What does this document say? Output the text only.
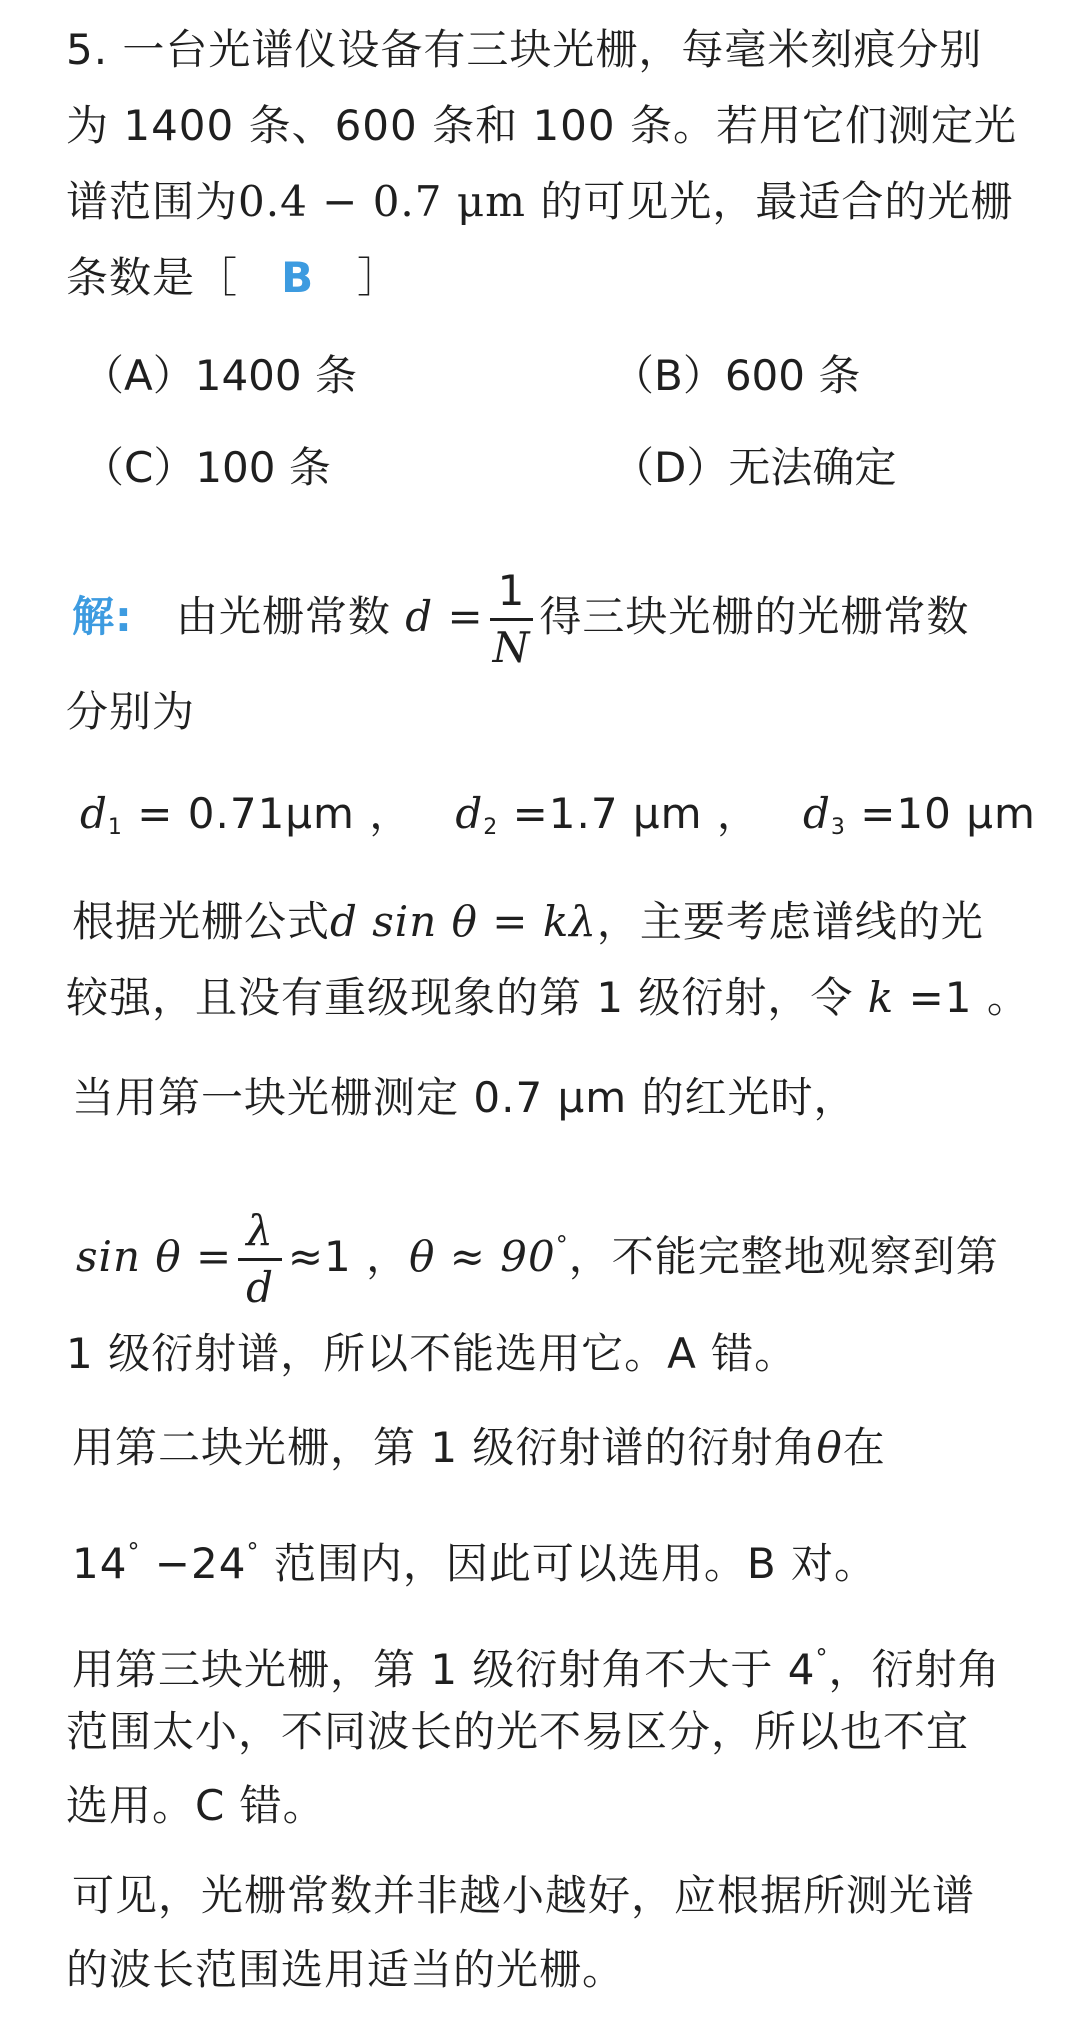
5. 一台光谱仪设备有三块光栅，每毫米刻痕分别
为 1400 条、600 条和 100 条。若用它们测定光
谱范围为0.4 − 0.7 μm 的可见光，最适合的光栅
条数是［ B ］
（A）1400 条	（B）600 条
（C）100 条	（D）无法确定
解: 由光栅常数 $d = \frac{1}{N}$ 得三块光栅的光栅常数
分别为
$d_1 = 0.71\mu m$ ， $d_2 =1.7$ μm ， $d_3 =10$ μm
根据光栅公式d sin θ = kλ，主要考虑谱线的光
较强，且没有重级现象的第 1 级衍射，令 k =1 。
当用第一块光栅测定 0.7 μm 的红光时，
$\sin \theta = \frac{\lambda}{d} \approx 1$ ，θ ≈ 90°，不能完整地观察到第
1 级衍射谱，所以不能选用它。A 错。
用第二块光栅，第 1 级衍射谱的衍射角θ在
14° −24° 范围内，因此可以选用。B 对。
用第三块光栅，第 1 级衍射角不大于 4°，衍射角
范围太小，不同波长的光不易区分，所以也不宜
选用。C 错。
可见，光栅常数并非越小越好，应根据所测光谱
的波长范围选用适当的光栅。
